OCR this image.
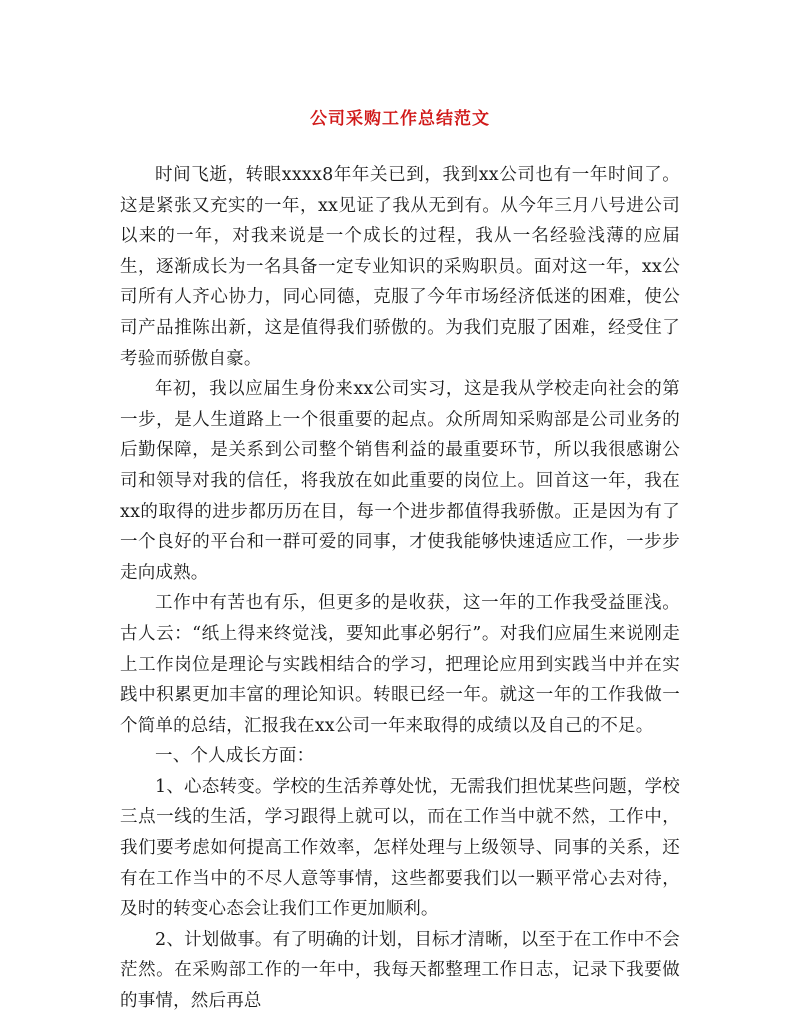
公司采购工作总结范文

时间飞逝，转眼xxxx8年年关已到，我到xx公司也有一年时间了。这是紧张又充实的一年，xx见证了我从无到有。从今年三月八号进公司以来的一年，对我来说是一个成长的过程，我从一名经验浅薄的应届生，逐渐成长为一名具备一定专业知识的采购职员。面对这一年，xx公司所有人齐心协力，同心同德，克服了今年市场经济低迷的困难，使公司产品推陈出新，这是值得我们骄傲的。为我们克服了困难，经受住了考验而骄傲自豪。

年初，我以应届生身份来xx公司实习，这是我从学校走向社会的第一步，是人生道路上一个很重要的起点。众所周知采购部是公司业务的后勤保障，是关系到公司整个销售利益的最重要环节，所以我很感谢公司和领导对我的信任，将我放在如此重要的岗位上。回首这一年，我在xx的取得的进步都历历在目，每一个进步都值得我骄傲。正是因为有了一个良好的平台和一群可爱的同事，才使我能够快速适应工作，一步步走向成熟。

工作中有苦也有乐，但更多的是收获，这一年的工作我受益匪浅。古人云：“纸上得来终觉浅，要知此事必躬行”。对我们应届生来说刚走上工作岗位是理论与实践相结合的学习，把理论应用到实践当中并在实践中积累更加丰富的理论知识。转眼已经一年。就这一年的工作我做一个简单的总结，汇报我在xx公司一年来取得的成绩以及自己的不足。

一、个人成长方面：

1、心态转变。学校的生活养尊处忧，无需我们担忧某些问题，学校三点一线的生活，学习跟得上就可以，而在工作当中就不然，工作中，我们要考虑如何提高工作效率，怎样处理与上级领导、同事的关系，还有在工作当中的不尽人意等事情，这些都要我们以一颗平常心去对待，及时的转变心态会让我们工作更加顺利。

2、计划做事。有了明确的计划，目标才清晰，以至于在工作中不会茫然。在采购部工作的一年中，我每天都整理工作日志，记录下我要做的事情，然后再总
